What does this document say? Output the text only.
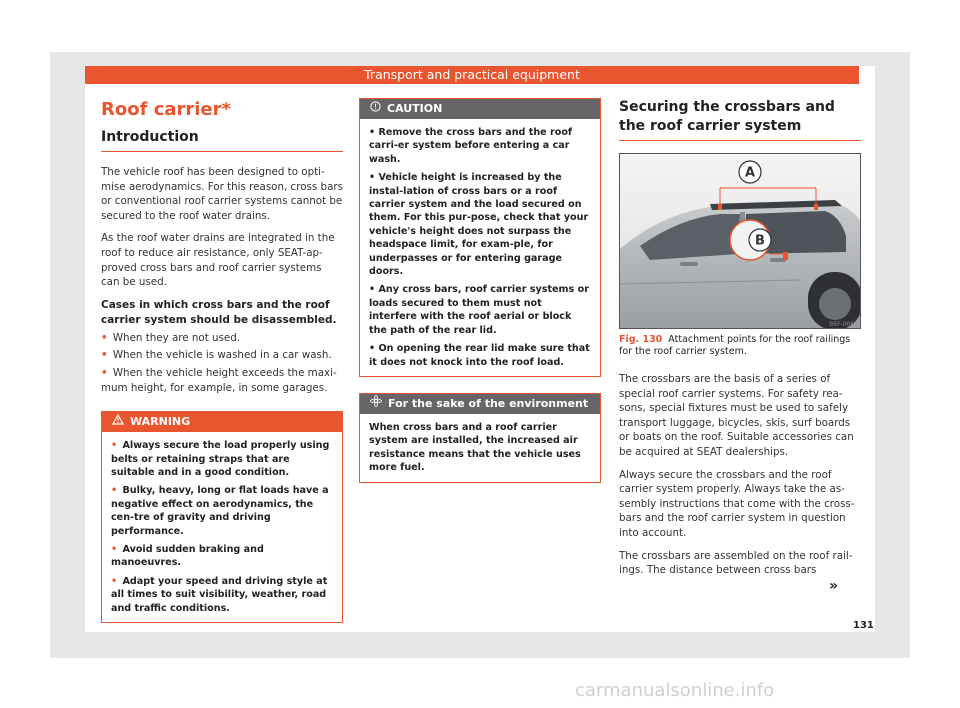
Transport and practical equipment
Roof carrier*
Introduction
The vehicle roof has been designed to opti-mise aerodynamics. For this reason, cross bars or conventional roof carrier systems cannot be secured to the roof water drains.
As the roof water drains are integrated in the roof to reduce air resistance, only SEAT-ap-proved cross bars and roof carrier systems can be used.
Cases in which cross bars and the roof carrier system should be disassembled.
• When they are not used.
• When the vehicle is washed in a car wash.
• When the vehicle height exceeds the maxi-mum height, for example, in some garages.
WARNING
• Always secure the load properly using belts or retaining straps that are suitable and in a good condition.
• Bulky, heavy, long or flat loads have a negative effect on aerodynamics, the cen-tre of gravity and driving performance.
• Avoid sudden braking and manoeuvres.
• Adapt your speed and driving style at all times to suit visibility, weather, road and traffic conditions.
CAUTION
• Remove the cross bars and the roof carri-er system before entering a car wash.
• Vehicle height is increased by the instal-lation of cross bars or a roof carrier system and the load secured on them. For this pur-pose, check that your vehicle's height does not surpass the headspace limit, for exam-ple, for underpasses or for entering garage doors.
• Any cross bars, roof carrier systems or loads secured to them must not interfere with the roof aerial or block the path of the rear lid.
• On opening the rear lid make sure that it does not knock into the roof load.
For the sake of the environment
When cross bars and a roof carrier system are installed, the increased air resistance means that the vehicle uses more fuel.
Securing the crossbars and the roof carrier system
A
B
B6F-0064
Fig. 130 Attachment points for the roof railings for the roof carrier system.
The crossbars are the basis of a series of special roof carrier systems. For safety rea-sons, special fixtures must be used to safely transport luggage, bicycles, skis, surf boards or boats on the roof. Suitable accessories can be acquired at SEAT dealerships.
Always secure the crossbars and the roof carrier system properly. Always take the as-sembly instructions that come with the cross-bars and the roof carrier system in question into account.
The crossbars are assembled on the roof rail-ings. The distance between cross bars
»
131
carmanualsonline.info
